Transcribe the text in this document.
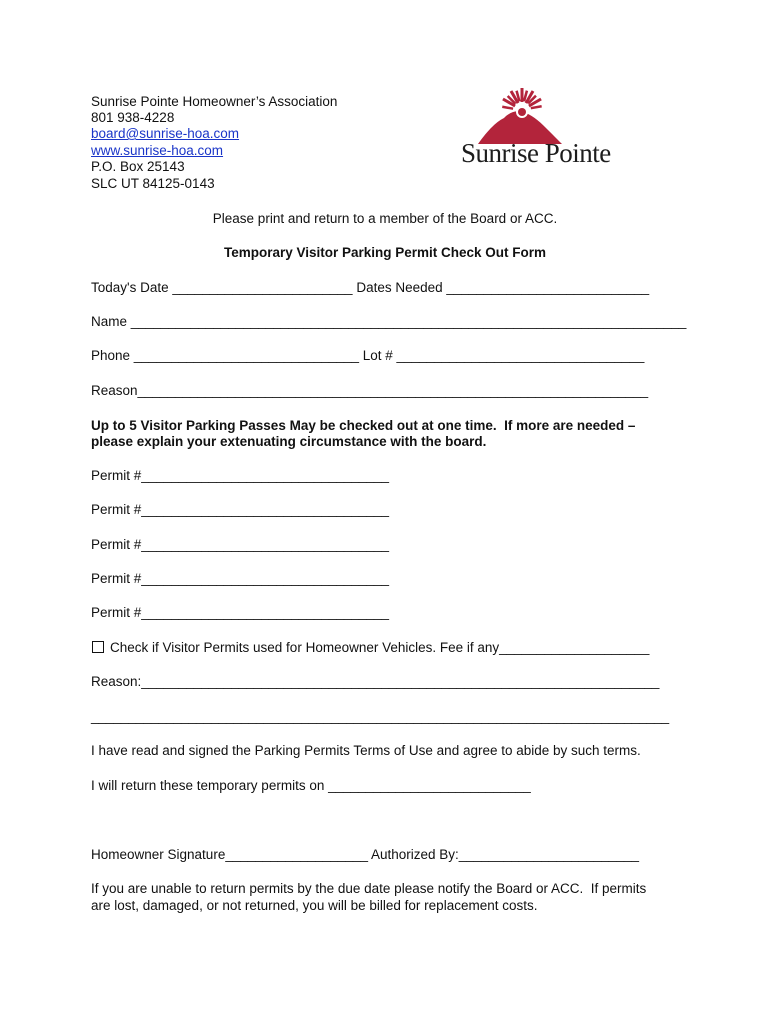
Sunrise Pointe Homeowner’s Association
801 938-4228
board@sunrise-hoa.com
www.sunrise-hoa.com
P.O. Box 25143
SLC UT 84125-0143
Sunrise Pointe
Please print and return to a member of the Board or ACC.
Temporary Visitor Parking Permit Check Out Form
Today's Date ________________________ Dates Needed ___________________________
Name __________________________________________________________________________
Phone ______________________________ Lot # _________________________________
Reason____________________________________________________________________
Up to 5 Visitor Parking Passes May be checked out at one time.  If more are needed –
please explain your extenuating circumstance with the board.
Permit #_________________________________
Permit #_________________________________
Permit #_________________________________
Permit #_________________________________
Permit #_________________________________
Check if Visitor Permits used for Homeowner Vehicles. Fee if any____________________
Reason:_____________________________________________________________________
_____________________________________________________________________________
I have read and signed the Parking Permits Terms of Use and agree to abide by such terms.
I will return these temporary permits on ___________________________
Homeowner Signature___________________ Authorized By:________________________
If you are unable to return permits by the due date please notify the Board or ACC.  If permits
are lost, damaged, or not returned, you will be billed for replacement costs.
